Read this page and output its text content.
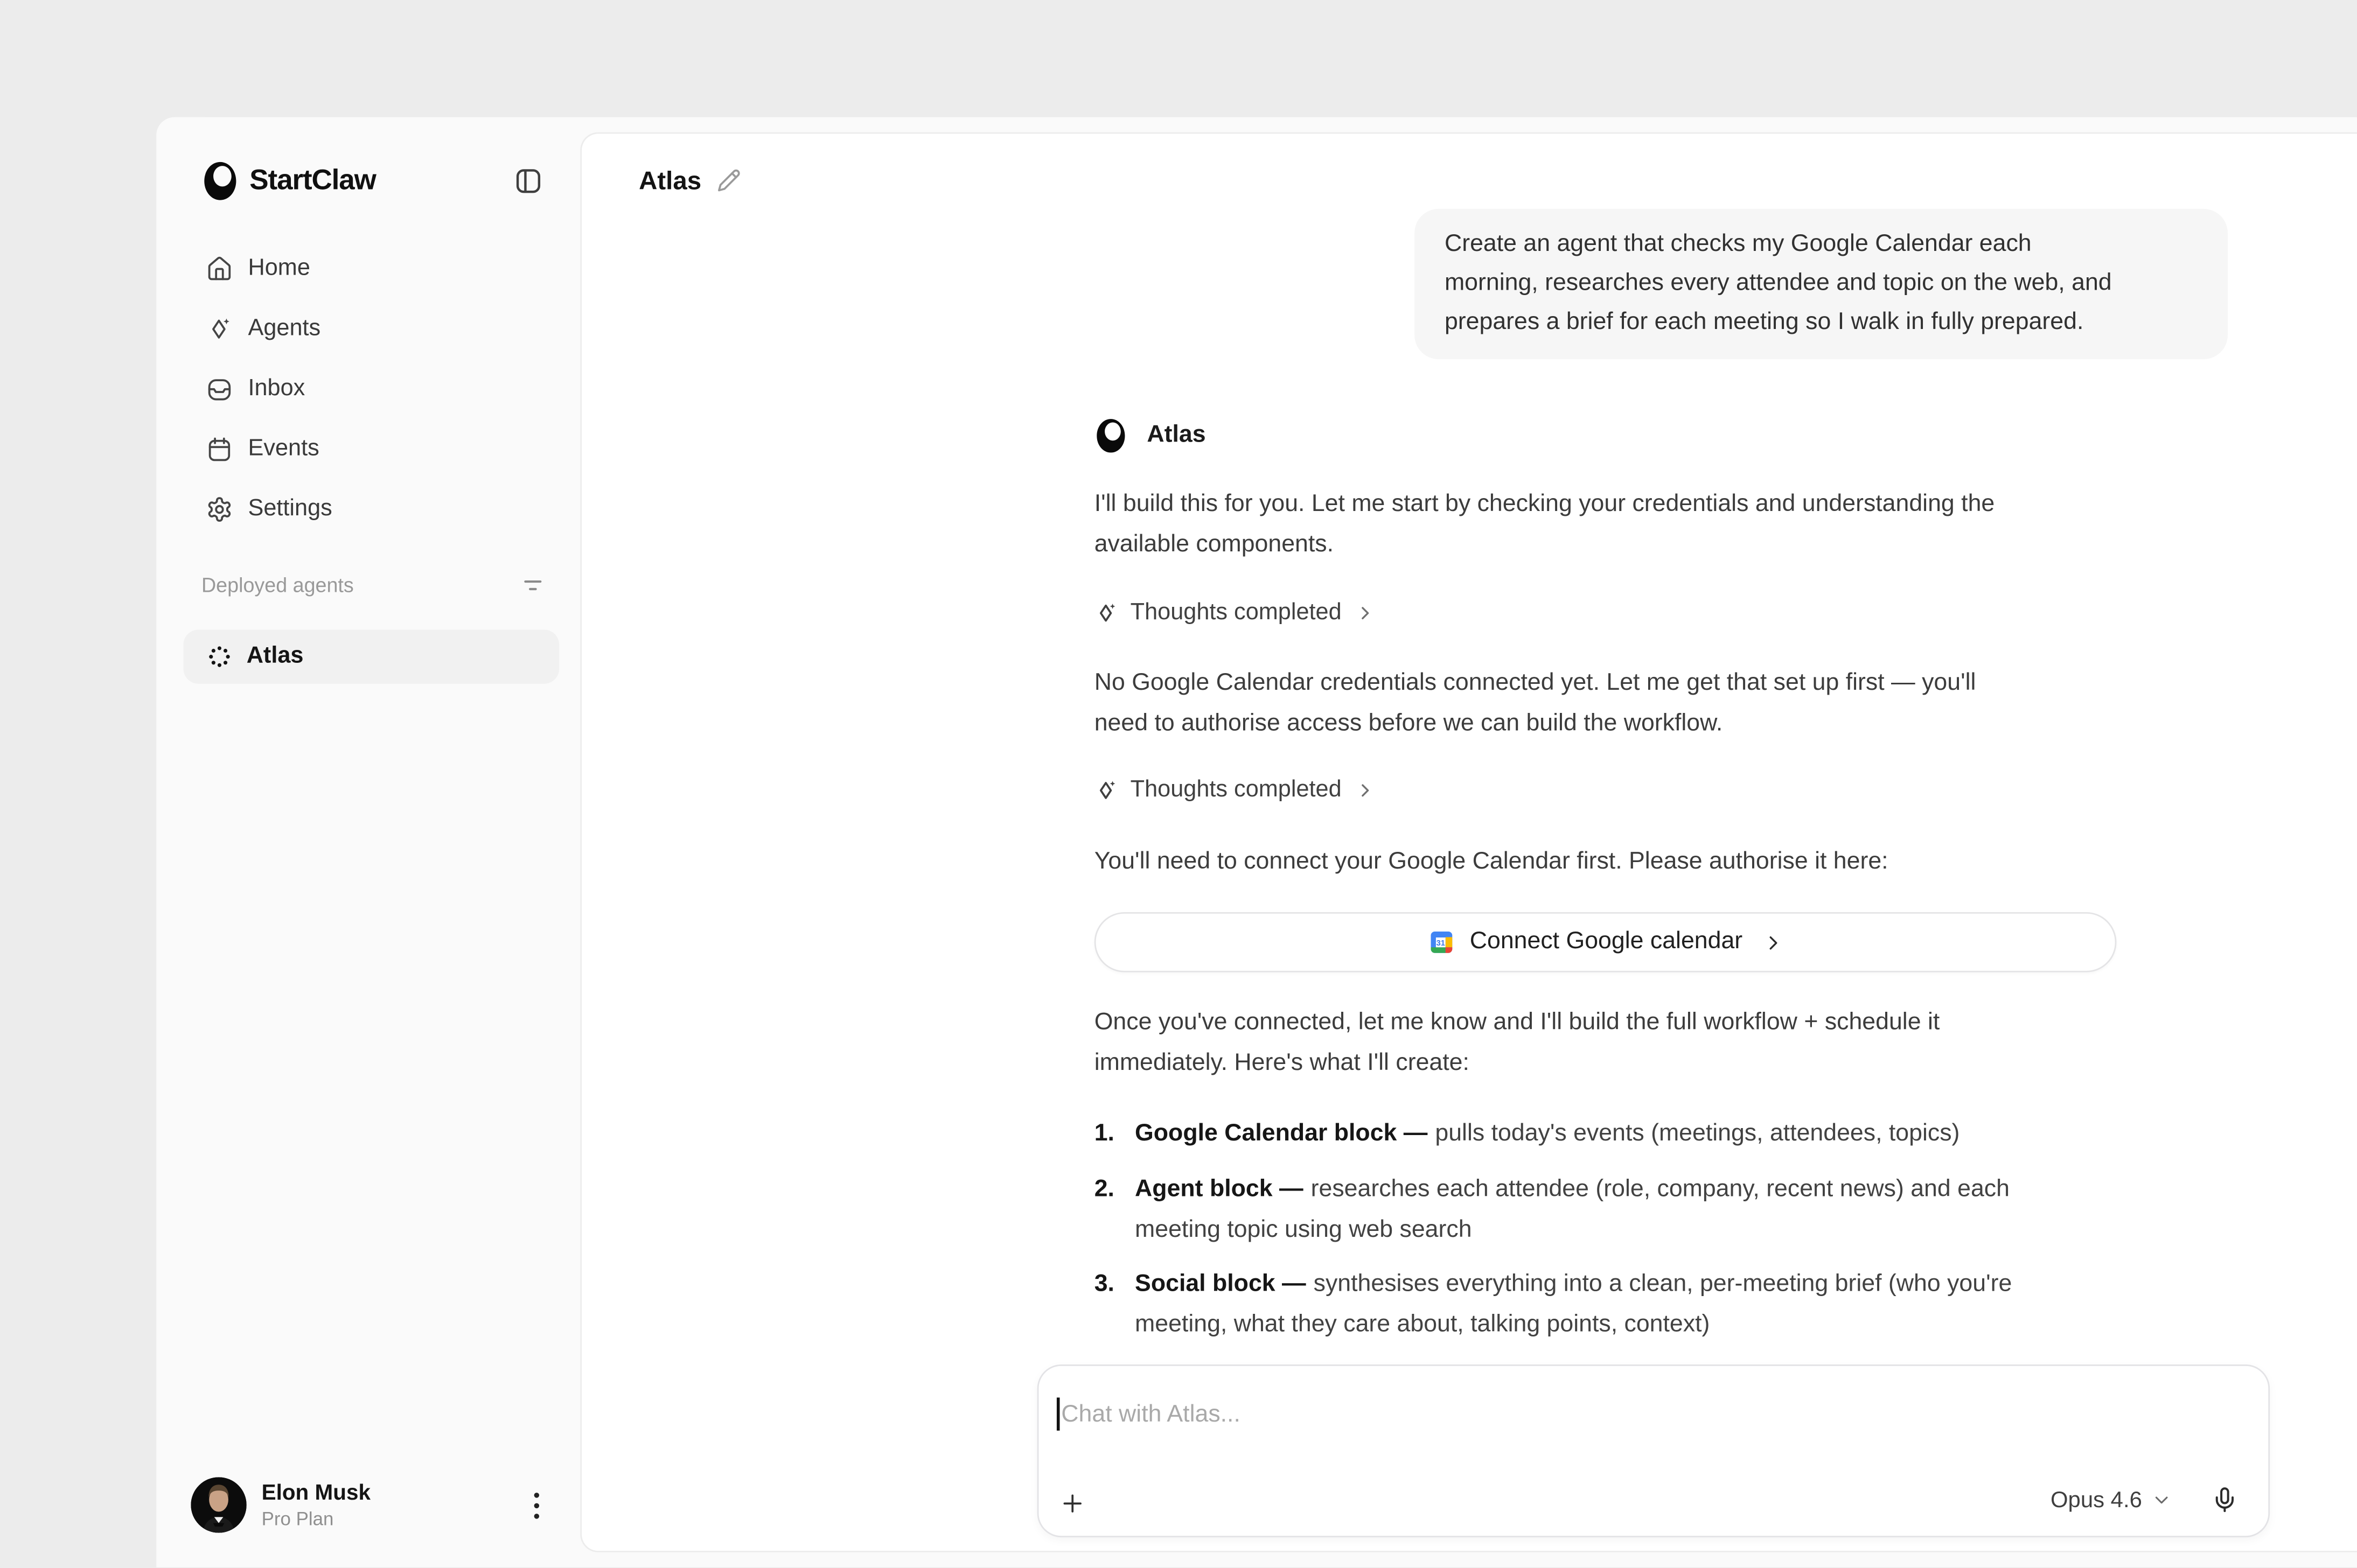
StartClaw
Home
Agents
Inbox
Events
Settings
Deployed agents
Atlas
Elon Musk
Pro Plan
Atlas
Create an agent that checks my Google Calendar each
morning, researches every attendee and topic on the web, and
prepares a brief for each meeting so I walk in fully prepared.
Atlas
I'll build this for you. Let me start by checking your credentials and understanding the
available components.
Thoughts completed
No Google Calendar credentials connected yet. Let me get that set up first — you'll
need to authorise access before we can build the workflow.
Thoughts completed
You'll need to connect your Google Calendar first. Please authorise it here:
31	Connect Google calendar
Once you've connected, let me know and I'll build the full workflow + schedule it
immediately. Here's what I'll create:
1.	Google Calendar block — pulls today's events (meetings, attendees, topics)
2.	Agent block — researches each attendee (role, company, recent news) and each
meeting topic using web search
3.	Social block — synthesises everything into a clean, per-meeting brief (who you're
meeting, what they care about, talking points, context)
Chat with Atlas...
Opus 4.6
